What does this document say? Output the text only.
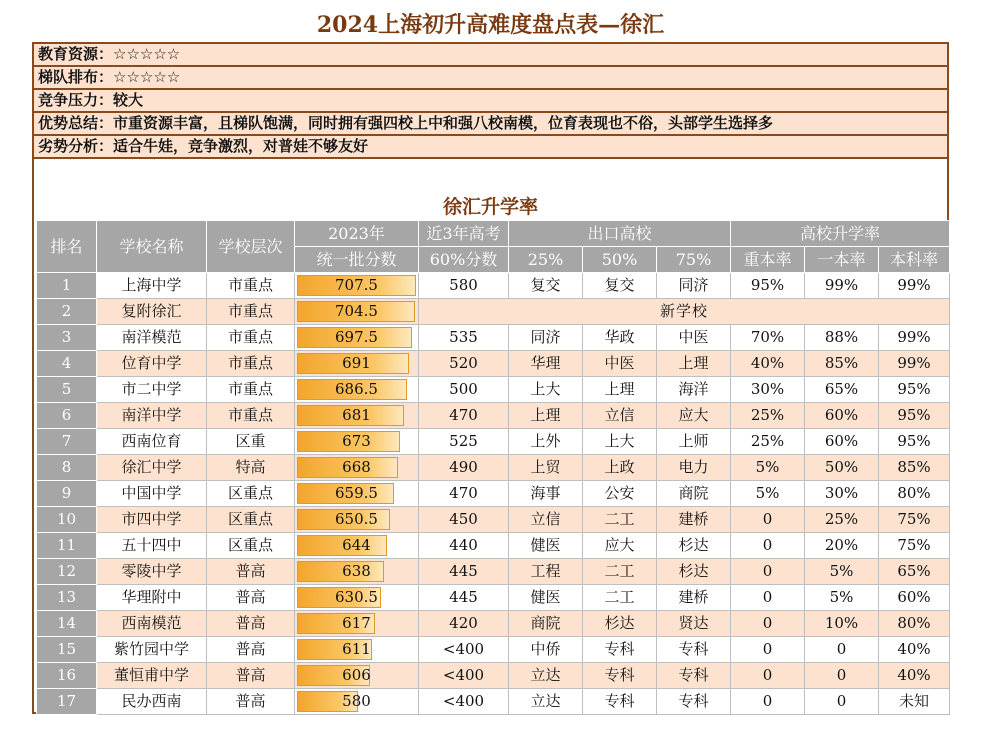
2024上海初升高难度盘点表—徐汇
教育资源：☆☆☆☆☆
梯队排布：☆☆☆☆☆
竞争压力：较大
优势总结：市重资源丰富，且梯队饱满，同时拥有强四校上中和强八校南模，位育表现也不俗，头部学生选择多
劣势分析：适合牛娃，竞争激烈，对普娃不够友好
徐汇升学率
排名	学校名称	学校层次	2023年	近3年高考	出口高校			高校升学率		
			统一批分数	60%分数	25%	50%	75%	重本率	一本率	本科率
1	上海中学	市重点	707.5	580	复交	复交	同济	95%	99%	99%
2	复附徐汇	市重点	704.5	新学校						
3	南洋模范	市重点	697.5	535	同济	华政	中医	70%	88%	99%
4	位育中学	市重点	691	520	华理	中医	上理	40%	85%	99%
5	市二中学	市重点	686.5	500	上大	上理	海洋	30%	65%	95%
6	南洋中学	市重点	681	470	上理	立信	应大	25%	60%	95%
7	西南位育	区重	673	525	上外	上大	上师	25%	60%	95%
8	徐汇中学	特高	668	490	上贸	上政	电力	5%	50%	85%
9	中国中学	区重点	659.5	470	海事	公安	商院	5%	30%	80%
10	市四中学	区重点	650.5	450	立信	二工	建桥	0	25%	75%
11	五十四中	区重点	644	440	健医	应大	杉达	0	20%	75%
12	零陵中学	普高	638	445	工程	二工	杉达	0	5%	65%
13	华理附中	普高	630.5	445	健医	二工	建桥	0	5%	60%
14	西南模范	普高	617	420	商院	杉达	贤达	0	10%	80%
15	紫竹园中学	普高	611	<400	中侨	专科	专科	0	0	40%
16	董恒甫中学	普高	606	<400	立达	专科	专科	0	0	40%
17	民办西南	普高	580	<400	立达	专科	专科	0	0	未知
